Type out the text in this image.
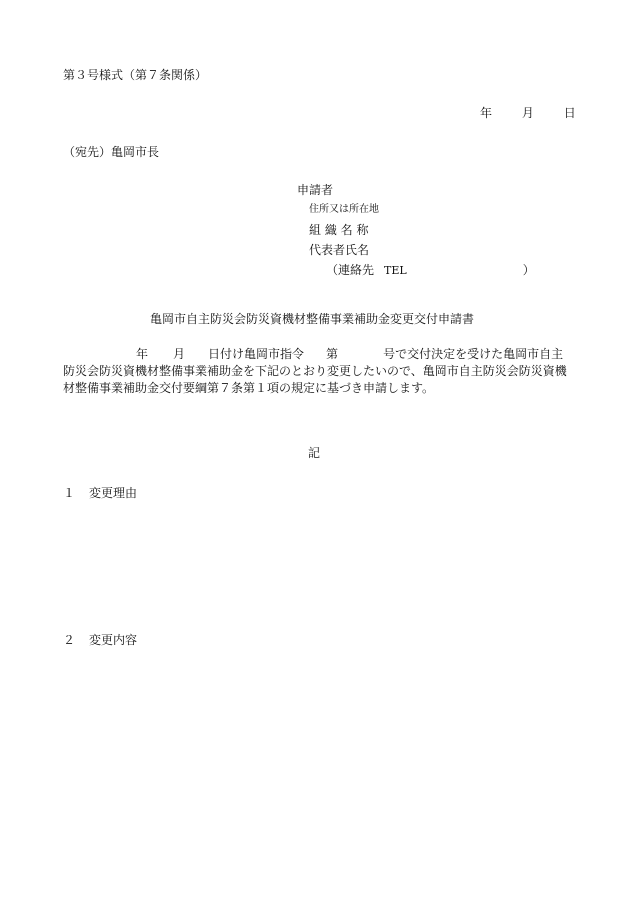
第３号様式（第７条関係）
年 月 日
（宛先）亀岡市長
申請者
住所又は所在地
組 織 名 称
代表者氏名
（連絡先 TEL	）
亀岡市自主防災会防災資機材整備事業補助金変更交付申請書
年 月 日付け亀岡市指令 第	号で交付決定を受けた亀岡市自主防災会防災資機材整備事業補助金を下記のとおり変更したいので、亀岡市自主防災会防災資機材整備事業補助金交付要綱第７条第１項の規定に基づき申請します。
記
１ 変更理由
２ 変更内容
